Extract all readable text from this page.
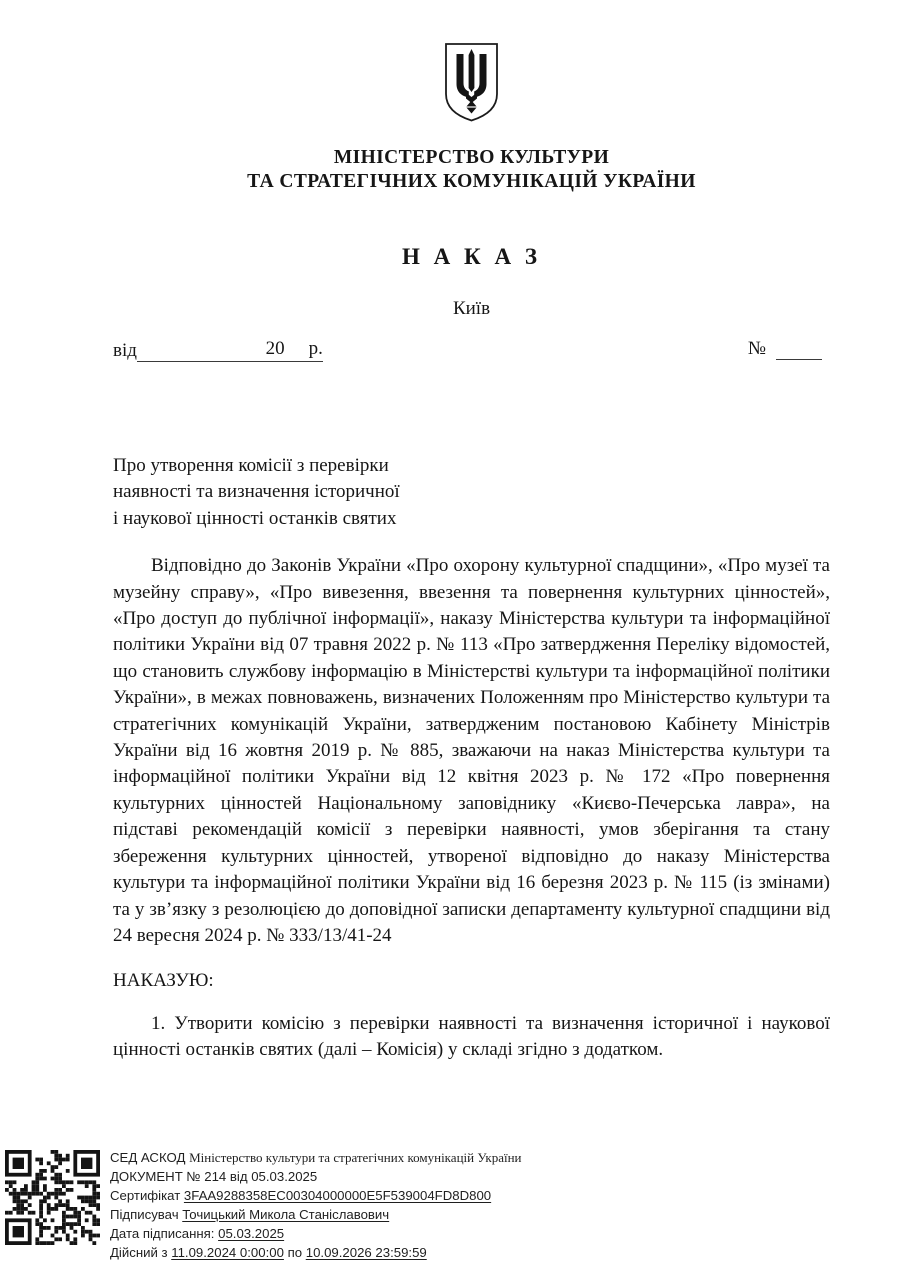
МІНІСТЕРСТВО КУЛЬТУРИ
ТА СТРАТЕГІЧНИХ КОМУНІКАЦІЙ УКРАЇНИ
Н А К А З
Київ
від	20 р.	№
Про утворення комісії з перевірки
наявності та визначення історичної
і наукової цінності останків святих

Відповідно до Законів України «Про охорону культурної спадщини», «Про музеї та музейну справу», «Про вивезення, ввезення та повернення культурних цінностей», «Про доступ до публічної інформації», наказу Міністерства культури та інформаційної політики України від 07 травня 2022 р. № 113 «Про затвердження Переліку відомостей, що становить службову інформацію в Міністерстві культури та інформаційної політики України», в межах повноважень, визначених Положенням про Міністерство культури та стратегічних комунікацій України, затвердженим постановою Кабінету Міністрів України від 16 жовтня 2019 р. № 885, зважаючи на наказ Міністерства культури та інформаційної політики України від 12 квітня 2023 р. № 172 «Про повернення культурних цінностей Національному заповіднику «Києво-Печерська лавра», на підставі рекомендацій комісії з перевірки наявності, умов зберігання та стану збереження культурних цінностей, утвореної відповідно до наказу Міністерства культури та інформаційної політики України від 16 березня 2023 р. № 115 (із змінами) та у зв’язку з резолюцією до доповідної записки департаменту культурної спадщини від 24 вересня 2024 р. № 333/13/41-24

НАКАЗУЮ:

1. Утворити комісію з перевірки наявності та визначення історичної і наукової цінності останків святих (далі – Комісія) у складі згідно з додатком.

СЕД АСКОД Міністерство культури та стратегічних комунікацій України
ДОКУМЕНТ № 214 від 05.03.2025
Сертифікат 3FAA9288358EC00304000000E5F539004FD8D800
Підписувач Точицький Микола Станіславович
Дата підписання: 05.03.2025
Дійсний з 11.09.2024 0:00:00 по 10.09.2026 23:59:59
